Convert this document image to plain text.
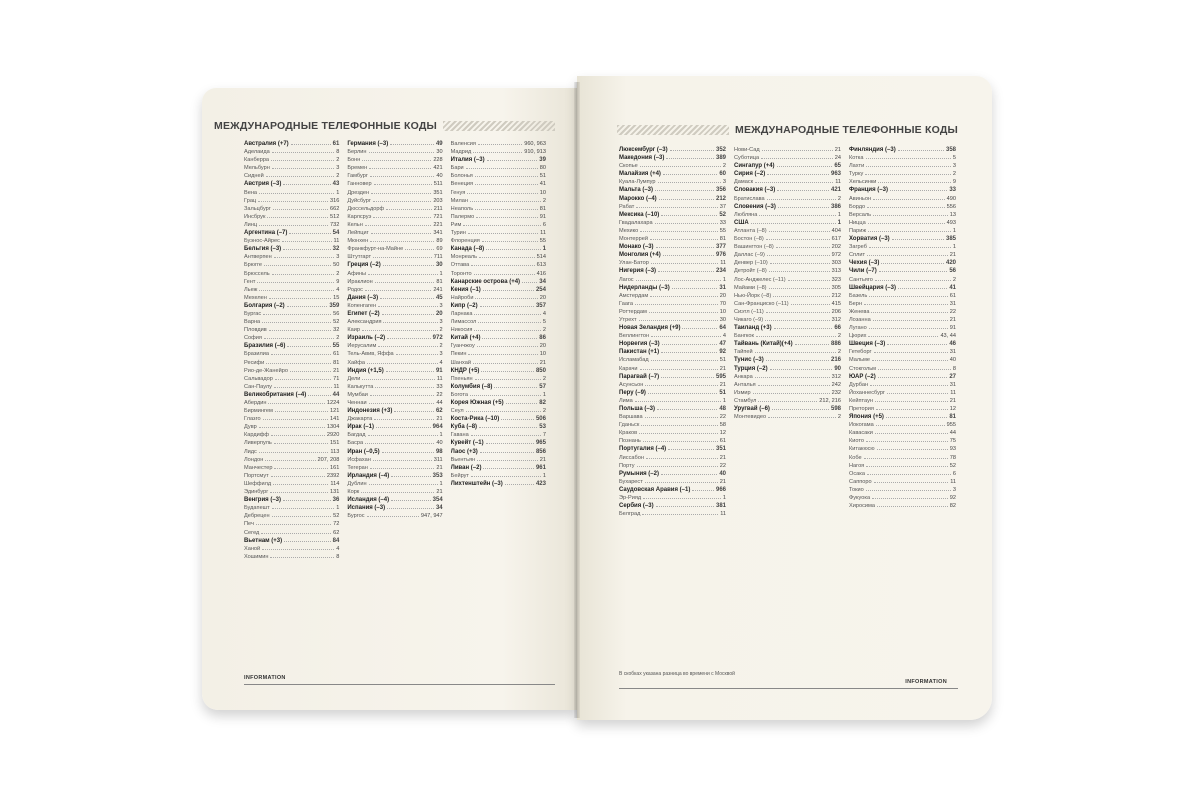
МЕЖДУНАРОДНЫЕ ТЕЛЕФОННЫЕ КОДЫ
Австралия (+7)	61
Аделаида	8
Канберра	2
Мельбурн	3
Сидней	2
Австрия (–3)	43
Вена	1
Грац	316
Зальцбург	662
Инсбрук	512
Линц	732
Аргентина (–7)	54
Буэнос-Айрес	11
Бельгия (–3)	32
Антверпен	3
Брюгге	50
Брюссель	2
Гент	9
Льеж	4
Мехелен	15
Болгария (–2)	359
Бургас	56
Варна	52
Пловдив	32
София	2
Бразилия (–6)	55
Бразилиа	61
Ресифи	81
Рио-де-Жанейро	21
Сальвадор	71
Сан-Паулу	11
Великобритания (–4)	44
Абердин	1224
Бирмингем	121
Глазго	141
Дувр	1304
Кардифф	2920
Ливерпуль	151
Лидс	113
Лондон	207, 208
Манчестер	161
Портсмут	2392
Шеффилд	114
Эдинбург	131
Венгрия (–3)	36
Будапешт	1
Дебрецен	52
Печ	72
Сегед	62
Вьетнам (+3)	84
Ханой	4
Хошимин	8
Германия (–3)	49
Берлин	30
Бонн	228
Бремен	421
Гамбург	40
Ганновер	511
Дрезден	351
Дуйсбург	203
Дюссельдорф	211
Карлсруэ	721
Кельн	221
Лейпциг	341
Мюнхен	89
Франкфурт-на-Майне	69
Штутгарт	711
Греция (–2)	30
Афины	1
Ираклион	81
Родос	241
Дания (–3)	45
Копенгаген	3
Египет (–2)	20
Александрия	3
Каир	2
Израиль (–2)	972
Иерусалим	2
Тель-Авив, Яффа	3
Хайфа	4
Индия (+1,5)	91
Дели	11
Калькутта	33
Мумбаи	22
Ченнаи	44
Индонезия (+3)	62
Джакарта	21
Ирак (–1)	964
Багдад	1
Басра	40
Иран (–0,5)	98
Исфахан	311
Тегеран	21
Ирландия (–4)	353
Дублин	1
Корк	21
Исландия (–4)	354
Испания (–3)	34
Бургос	947, 947
Валенсия	960, 963
Мадрид	910, 913
Италия (–3)	39
Бари	80
Болонья	51
Венеция	41
Генуя	10
Милан	2
Неаполь	81
Палермо	91
Рим	6
Турин	11
Флоренция	55
Канада (–8)	1
Монреаль	514
Оттава	613
Торонто	416
Канарские острова (+4)	34
Кения (–1)	254
Найроби	20
Кипр (–2)	357
Ларнака	4
Лимассол	5
Никосия	2
Китай (+4)	86
Гуанчжоу	20
Пекин	10
Шанхай	21
КНДР (+5)	850
Пхеньян	2
Колумбия (–8)	57
Богота	1
Корея Южная (+5)	82
Сеул	2
Коста-Рика (–10)	506
Куба (–8)	53
Гавана	7
Кувейт (–1)	965
Лаос (+3)	856
Вьентьян	21
Ливан (–2)	961
Бейрут	1
Лихтенштейн (–3)	423
INFORMATION
МЕЖДУНАРОДНЫЕ ТЕЛЕФОННЫЕ КОДЫ
Люксембург (–3)	352
Македония (–3)	389
Скопье	2
Малайзия (+4)	60
Куала-Лумпур	3
Мальта (–3)	356
Марокко (–4)	212
Рабат	37
Мексика (–10)	52
Гвадалахара	33
Мехико	55
Монтеррей	81
Монако (–3)	377
Монголия (+4)	976
Улан-Батор	11
Нигерия (–3)	234
Лагос	1
Нидерланды (–3)	31
Амстердам	20
Гаага	70
Роттердам	10
Утрехт	30
Новая Зеландия (+9)	64
Веллингтон	4
Норвегия (–3)	47
Пакистан (+1)	92
Исламабад	51
Карачи	21
Парагвай (–7)	595
Асунсьон	21
Перу (–9)	51
Лима	1
Польша (–3)	48
Варшава	22
Гданьск	58
Краков	12
Познань	61
Португалия (–4)	351
Лиссабон	21
Порту	22
Румыния (–2)	40
Бухарест	21
Саудовская Аравия (–1)	966
Эр-Рияд	1
Сербия (–3)	381
Белград	11
Нови-Сад	21
Суботица	24
Сингапур (+4)	65
Сирия (–2)	963
Дамаск	11
Словакия (–3)	421
Братислава	2
Словения (–3)	386
Любляна	1
США	1
Атланта (–8)	404
Бостон (–8)	617
Вашингтон (–8)	202
Даллас (–9)	972
Денвер (–10)	303
Детройт (–8)	313
Лос-Анджелес (–11)	323
Майами (–8)	305
Нью-Йорк (–8)	212
Сан-Франциско (–11)	415
Сиэтл (–11)	206
Чикаго (–9)	312
Таиланд (+3)	66
Бангкок	2
Тайвань (Китай)(+4)	886
Тайпей	2
Тунис (–3)	216
Турция (–2)	90
Анкара	312
Анталья	242
Измир	232
Стамбул	212, 216
Уругвай (–6)	598
Монтевидео	2
Финляндия (–3)	358
Котка	5
Лахти	3
Турку	2
Хельсинки	9
Франция (–3)	33
Авиньон	490
Бордо	556
Версаль	13
Ницца	493
Париж	1
Хорватия (–3)	385
Загреб	1
Сплит	21
Чехия (–3)	420
Чили (–7)	56
Сантьяго	2
Швейцария (–3)	41
Базель	61
Берн	31
Женева	22
Лозанна	21
Лугано	91
Цюрих	43, 44
Швеция (–3)	46
Гетеборг	31
Мальме	40
Стокгольм	8
ЮАР (–2)	27
Дурбан	31
Йоханнесбург	11
Кейптаун	21
Претория	12
Япония (+5)	81
Иокогама	955
Кавасаки	44
Киото	75
Китакюсю	93
Кобе	78
Нагоя	52
Осака	6
Саппоро	11
Токио	3
Фукуока	92
Хиросима	82
INFORMATION
В скобках указана разница во времени с Москвой
